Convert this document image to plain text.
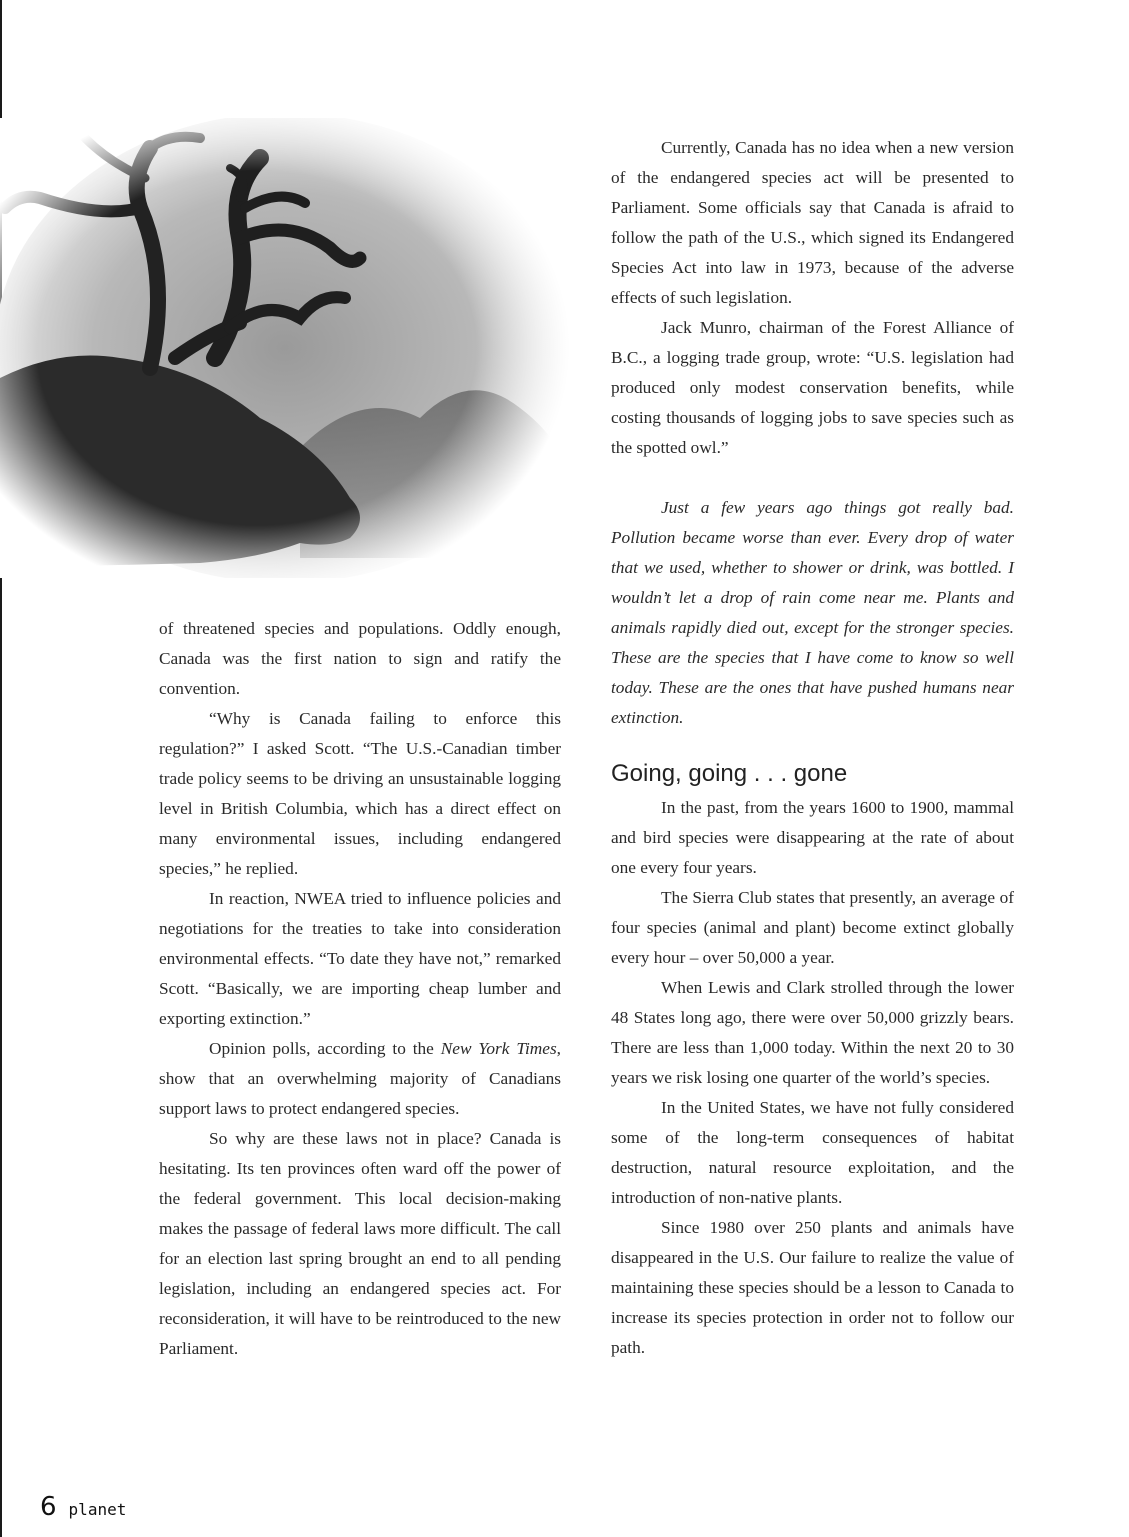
Currently, Canada has no idea when a new version of the endangered species act will be presented to Parliament. Some officials say that Canada is afraid to follow the path of the U.S., which signed its Endangered Species Act into law in 1973, because of the adverse effects of such legislation.

Jack Munro, chairman of the Forest Alliance of B.C., a logging trade group, wrote: “U.S. legislation had produced only modest conservation benefits, while costing thousands of logging jobs to save species such as the spotted owl.”

Just a few years ago things got really bad. Pollution became worse than ever. Every drop of water that we used, whether to shower or drink, was bottled. I wouldn’t let a drop of rain come near me. Plants and animals rapidly died out, except for the stronger species. These are the species that I have come to know so well today. These are the ones that have pushed humans near extinction.

Going, going . . . gone

In the past, from the years 1600 to 1900, mammal and bird species were disappearing at the rate of about one every four years.

The Sierra Club states that presently, an average of four species (animal and plant) become extinct globally every hour – over 50,000 a year.

When Lewis and Clark strolled through the lower 48 States long ago, there were over 50,000 grizzly bears. There are less than 1,000 today. Within the next 20 to 30 years we risk losing one quarter of the world’s species.

In the United States, we have not fully considered some of the long-term consequences of habitat destruction, natural resource exploitation, and the introduction of non-native plants.

Since 1980 over 250 plants and animals have disappeared in the U.S. Our failure to realize the value of maintaining these species should be a lesson to Canada to increase its species protection in order not to follow our path.

of threatened species and populations. Oddly enough, Canada was the first nation to sign and ratify the convention.

“Why is Canada failing to enforce this regulation?” I asked Scott. “The U.S.-Canadian timber trade policy seems to be driving an unsustainable logging level in British Columbia, which has a direct effect on many environmental issues, including endangered species,” he replied.

In reaction, NWEA tried to influence policies and negotiations for the treaties to take into consideration environmental effects. “To date they have not,” remarked Scott. “Basically, we are importing cheap lumber and exporting extinction.”

Opinion polls, according to the New York Times, show that an overwhelming majority of Canadians support laws to protect endangered species.

So why are these laws not in place? Canada is hesitating. Its ten provinces often ward off the power of the federal government. This local decision-making makes the passage of federal laws more difficult. The call for an election last spring brought an end to all pending legislation, including an endangered species act. For reconsideration, it will have to be reintroduced to the new Parliament.

6 planet
